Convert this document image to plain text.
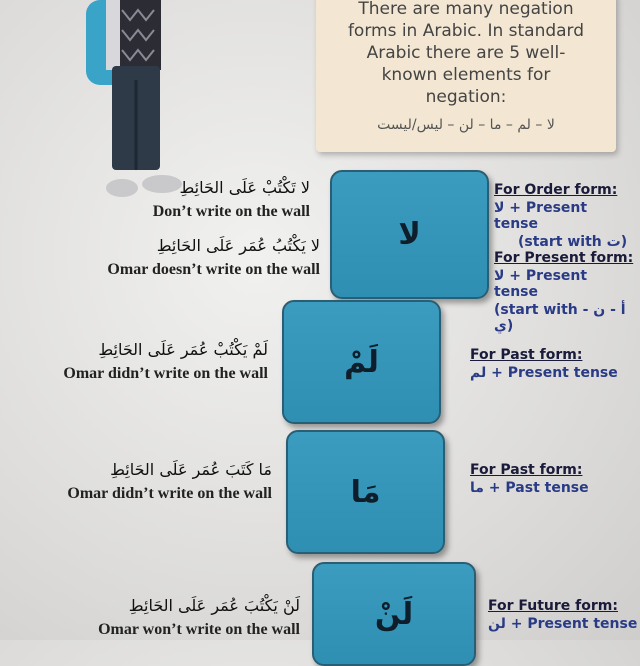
There are many negation
forms in Arabic. In standard
Arabic there are 5 well-
known elements for
negation:
لا – لم – ما – لن – ليس/ليست
لا تَكْتُبْ عَلَى الحَائِطِ
Don’t write on the wall
لا يَكْتُبُ عُمَر عَلَى الحَائِطِ
Omar doesn’t write on the wall
لا
For Order form:
لا + Present tense
(start with ت)
For Present form:
لا + Present tense
(start with أ - ن - ي)
لَمْ يَكْتُبْ عُمَر عَلَى الحَائِطِ
Omar didn’t write on the wall	لَمْ	For Past form:
لم + Present tense
مَا كَتَبَ عُمَر عَلَى الحَائِطِ
Omar didn’t write on the wall	مَا
For Past form:
ما + Past tense
لَنْ يَكْتُبَ عُمَر عَلَى الحَائِطِ
Omar won’t write on the wall	لَنْ	For Future form:
لن + Present tense
